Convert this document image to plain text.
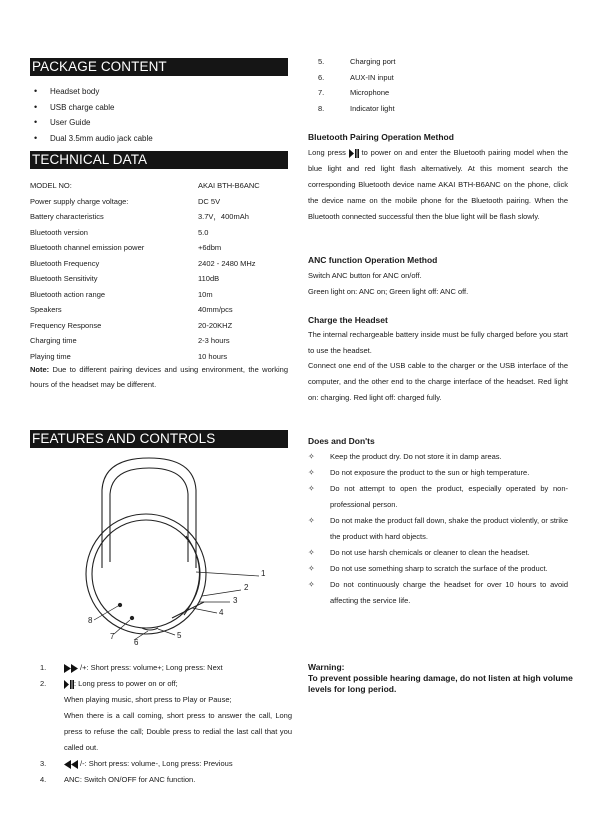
PACKAGE CONTENT
• Headset body
• USB charge cable
• User Guide
• Dual 3.5mm audio jack cable
TECHNICAL DATA
MODEL NO:	AKAI BTH-B6ANC
Power supply charge voltage:	DC 5V
Battery characteristics	3.7V，400mAh
Bluetooth version	5.0
Bluetooth channel emission power	+6dbm
Bluetooth Frequency	2402 - 2480 MHz
Bluetooth Sensitivity	110dB
Bluetooth action range	10m
Speakers	40mm/pcs
Frequency Response	20-20KHZ
Charging time	2-3 hours
Playing time	10 hours
Note: Due to different pairing devices and using environment, the working hours of the headset may be different.
FEATURES AND CONTROLS
1
2
3
4
5
6
7
8
1.	/+: Short press: volume+; Long press: Next
2.	: Long press to power on or off;
When playing music, short press to Play or Pause;
When there is a call coming, short press to answer the call, Long press to refuse the call; Double press to redial the last call that you called out.
3.	/-: Short press: volume-, Long press: Previous
4.	ANC: Switch ON/OFF for ANC function.
5.	Charging port
6.	AUX-IN input
7.	Microphone
8.	Indicator light
Bluetooth Pairing Operation Method
Long press  to power on and enter the Bluetooth pairing model when the blue light and red light flash alternatively. At this moment search the corresponding Bluetooth device name AKAI BTH-B6ANC on the phone, click the device name on the mobile phone for the Bluetooth pairing. When the Bluetooth connected successful then the blue light will be flash slowly.
ANC function Operation Method
Switch ANC button for ANC on/off.
Green light on: ANC on; Green light off: ANC off.
Charge the Headset
The internal rechargeable battery inside must be fully charged before you start to use the headset.
Connect one end of the USB cable to the charger or the USB interface of the computer, and the other end to the charge interface of the headset. Red light on: charging. Red light off: charged fully.
Does and Don'ts
✧	Keep the product dry. Do not store it in damp areas.
✧	Do not exposure the product to the sun or high temperature.
✧	Do not attempt to open the product, especially operated by non-professional person.
✧	Do not make the product fall down, shake the product violently, or strike the product with hard objects.
✧	Do not use harsh chemicals or cleaner to clean the headset.
✧	Do not use something sharp to scratch the surface of the product.
✧	Do not continuously charge the headset for over 10 hours to avoid affecting the service life.
Warning:
To prevent possible hearing damage, do not listen at high volume levels for long period.
